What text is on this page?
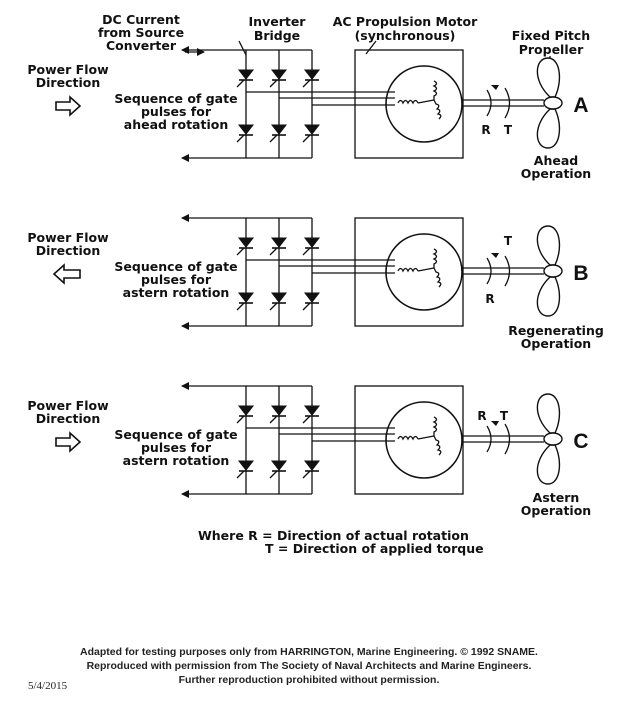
DC Current
from Source
Converter
Inverter
Bridge
AC Propulsion Motor
(synchronous)	Fixed Pitch
Propeller
Power Flow
Direction
Sequence of gate
pulses for
ahead rotation	R T
A
Ahead
Operation
Power Flow
Direction
Sequence of gate
pulses for
astern rotation
T
R
B
Regenerating
Operation
Power Flow
Direction
Sequence of gate
pulses for
astern rotation
R T
C
Astern
Operation
Where R = Direction of actual rotation
T = Direction of applied torque
Adapted for testing purposes only from HARRINGTON, Marine Engineering. © 1992 SNAME.
Reproduced with permission from The Society of Naval Architects and Marine Engineers.
Further reproduction prohibited without permission.
5/4/2015
